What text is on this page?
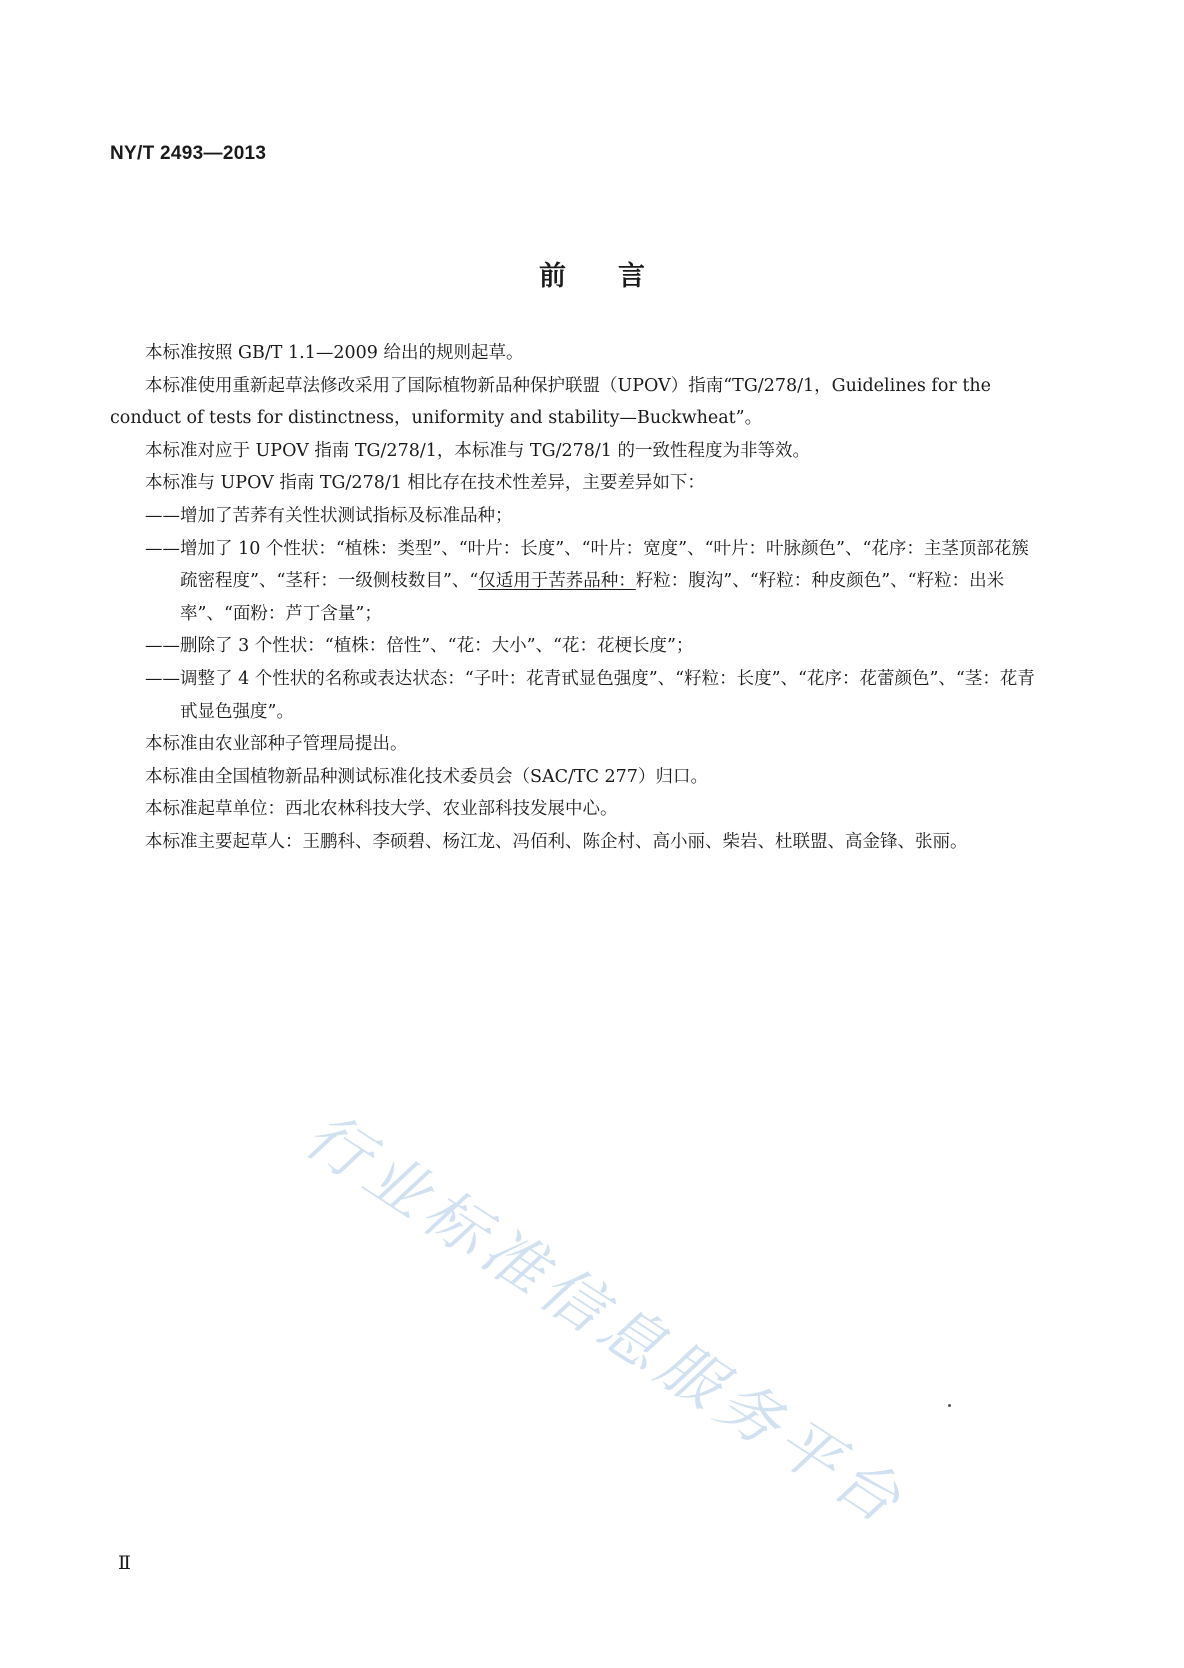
NY/T 2493—2013
前言

本标准按照 GB/T 1.1—2009 给出的规则起草。

本标准使用重新起草法修改采用了国际植物新品种保护联盟（UPOV）指南“TG/278/1，Guidelines for the conduct of tests for distinctness，uniformity and stability—Buckwheat”。

本标准对应于 UPOV 指南 TG/278/1，本标准与 TG/278/1 的一致性程度为非等效。

本标准与 UPOV 指南 TG/278/1 相比存在技术性差异，主要差异如下：

——增加了苦荞有关性状测试指标及标准品种；

——增加了 10 个性状：“植株：类型”、“叶片：长度”、“叶片：宽度”、“叶片：叶脉颜色”、“花序：主茎顶部花簇疏密程度”、“茎秆：一级侧枝数目”、“仅适用于苦荞品种：籽粒：腹沟”、“籽粒：种皮颜色”、“籽粒：出米率”、“面粉：芦丁含量”；

——删除了 3 个性状：“植株：倍性”、“花：大小”、“花：花梗长度”；

——调整了 4 个性状的名称或表达状态：“子叶：花青甙显色强度”、“籽粒：长度”、“花序：花蕾颜色”、“茎：花青甙显色强度”。

本标准由农业部种子管理局提出。

本标准由全国植物新品种测试标准化技术委员会（SAC/TC 277）归口。

本标准起草单位：西北农林科技大学、农业部科技发展中心。

本标准主要起草人：王鹏科、李硕碧、杨江龙、冯佰利、陈企村、高小丽、柴岩、杜联盟、高金锋、张丽。

行业标准信息服务平台
Ⅱ
